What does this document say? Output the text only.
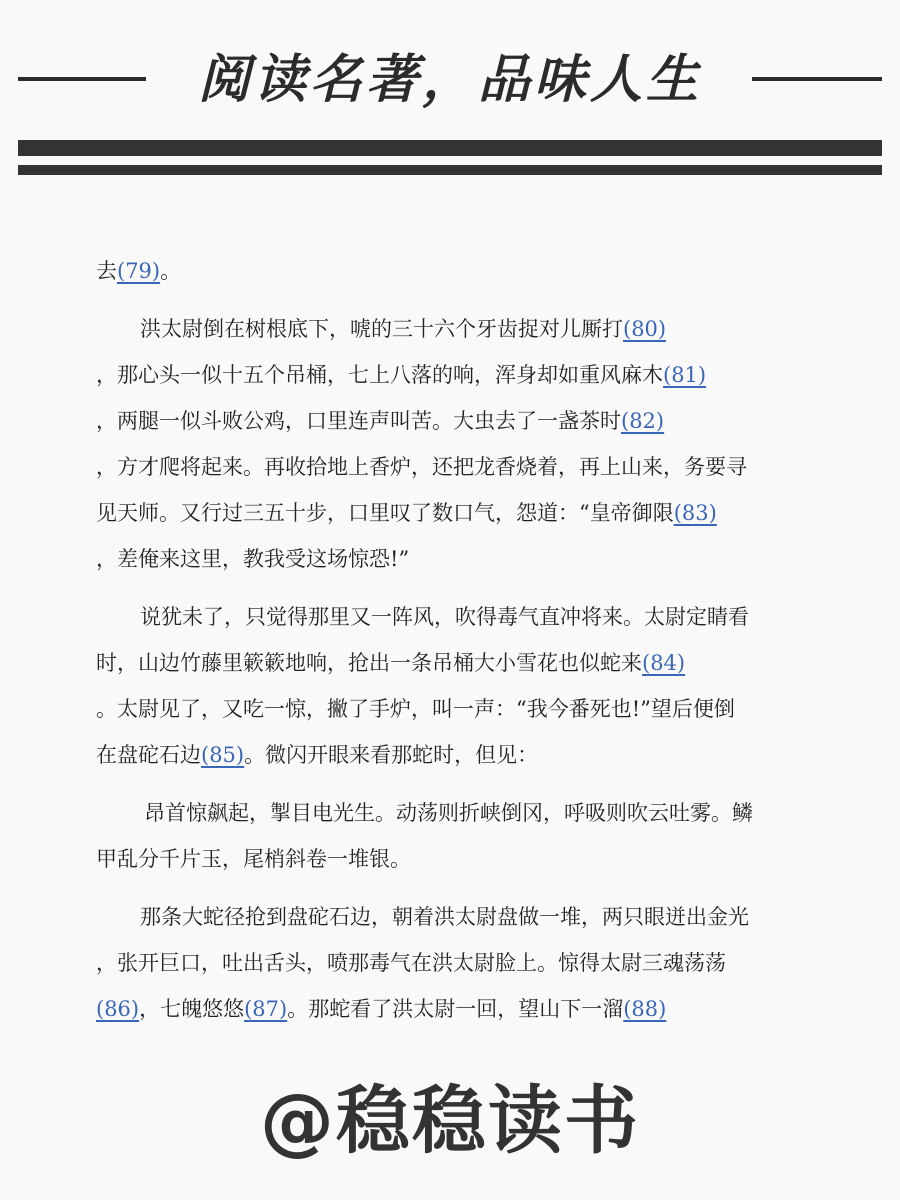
阅读名著，品味人生

去(79)。

洪太尉倒在树根底下，唬的三十六个牙齿捉对儿厮打(80)
，那心头一似十五个吊桶，七上八落的响，浑身却如重风麻木(81)
，两腿一似斗败公鸡，口里连声叫苦。大虫去了一盏茶时(82)
，方才爬将起来。再收拾地上香炉，还把龙香烧着，再上山来，务要寻
见天师。又行过三五十步，口里叹了数口气，怨道：“皇帝御限(83)
，差俺来这里，教我受这场惊恐!”

说犹未了，只觉得那里又一阵风，吹得毒气直冲将来。太尉定睛看
时，山边竹藤里簌簌地响，抢出一条吊桶大小雪花也似蛇来(84)
。太尉见了，又吃一惊，撇了手炉，叫一声：“我今番死也!”望后便倒
在盘砣石边(85)。微闪开眼来看那蛇时，但见：

昂首惊飙起，掣目电光生。动荡则折峡倒冈，呼吸则吹云吐雾。鳞
甲乱分千片玉，尾梢斜卷一堆银。

那条大蛇径抢到盘砣石边，朝着洪太尉盘做一堆，两只眼迸出金光
，张开巨口，吐出舌头，喷那毒气在洪太尉脸上。惊得太尉三魂荡荡
(86)，七魄悠悠(87)。那蛇看了洪太尉一回，望山下一溜(88)

@稳稳读书
